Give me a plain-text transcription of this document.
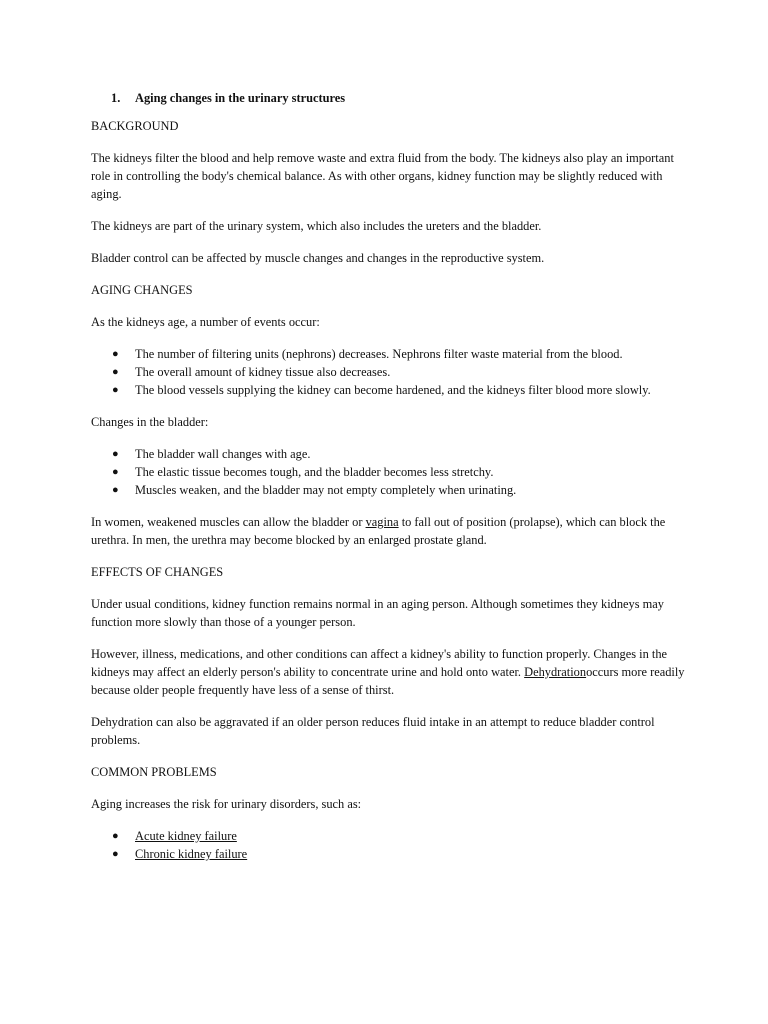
1. Aging changes in the urinary structures
BACKGROUND

The kidneys filter the blood and help remove waste and extra fluid from the body. The kidneys also play an important role in controlling the body's chemical balance. As with other organs, kidney function may be slightly reduced with aging.

The kidneys are part of the urinary system, which also includes the ureters and the bladder.

Bladder control can be affected by muscle changes and changes in the reproductive system.

AGING CHANGES

As the kidneys age, a number of events occur:

● The number of filtering units (nephrons) decreases. Nephrons filter waste material from the blood.
● The overall amount of kidney tissue also decreases.
● The blood vessels supplying the kidney can become hardened, and the kidneys filter blood more slowly.

Changes in the bladder:

● The bladder wall changes with age.
● The elastic tissue becomes tough, and the bladder becomes less stretchy.
● Muscles weaken, and the bladder may not empty completely when urinating.

In women, weakened muscles can allow the bladder or vagina to fall out of position (prolapse), which can block the urethra. In men, the urethra may become blocked by an enlarged prostate gland.

EFFECTS OF CHANGES

Under usual conditions, kidney function remains normal in an aging person. Although sometimes they kidneys may function more slowly than those of a younger person.

However, illness, medications, and other conditions can affect a kidney's ability to function properly. Changes in the kidneys may affect an elderly person's ability to concentrate urine and hold onto water. Dehydrationoccurs more readily because older people frequently have less of a sense of thirst.

Dehydration can also be aggravated if an older person reduces fluid intake in an attempt to reduce bladder control problems.

COMMON PROBLEMS

Aging increases the risk for urinary disorders, such as:

● Acute kidney failure
● Chronic kidney failure
